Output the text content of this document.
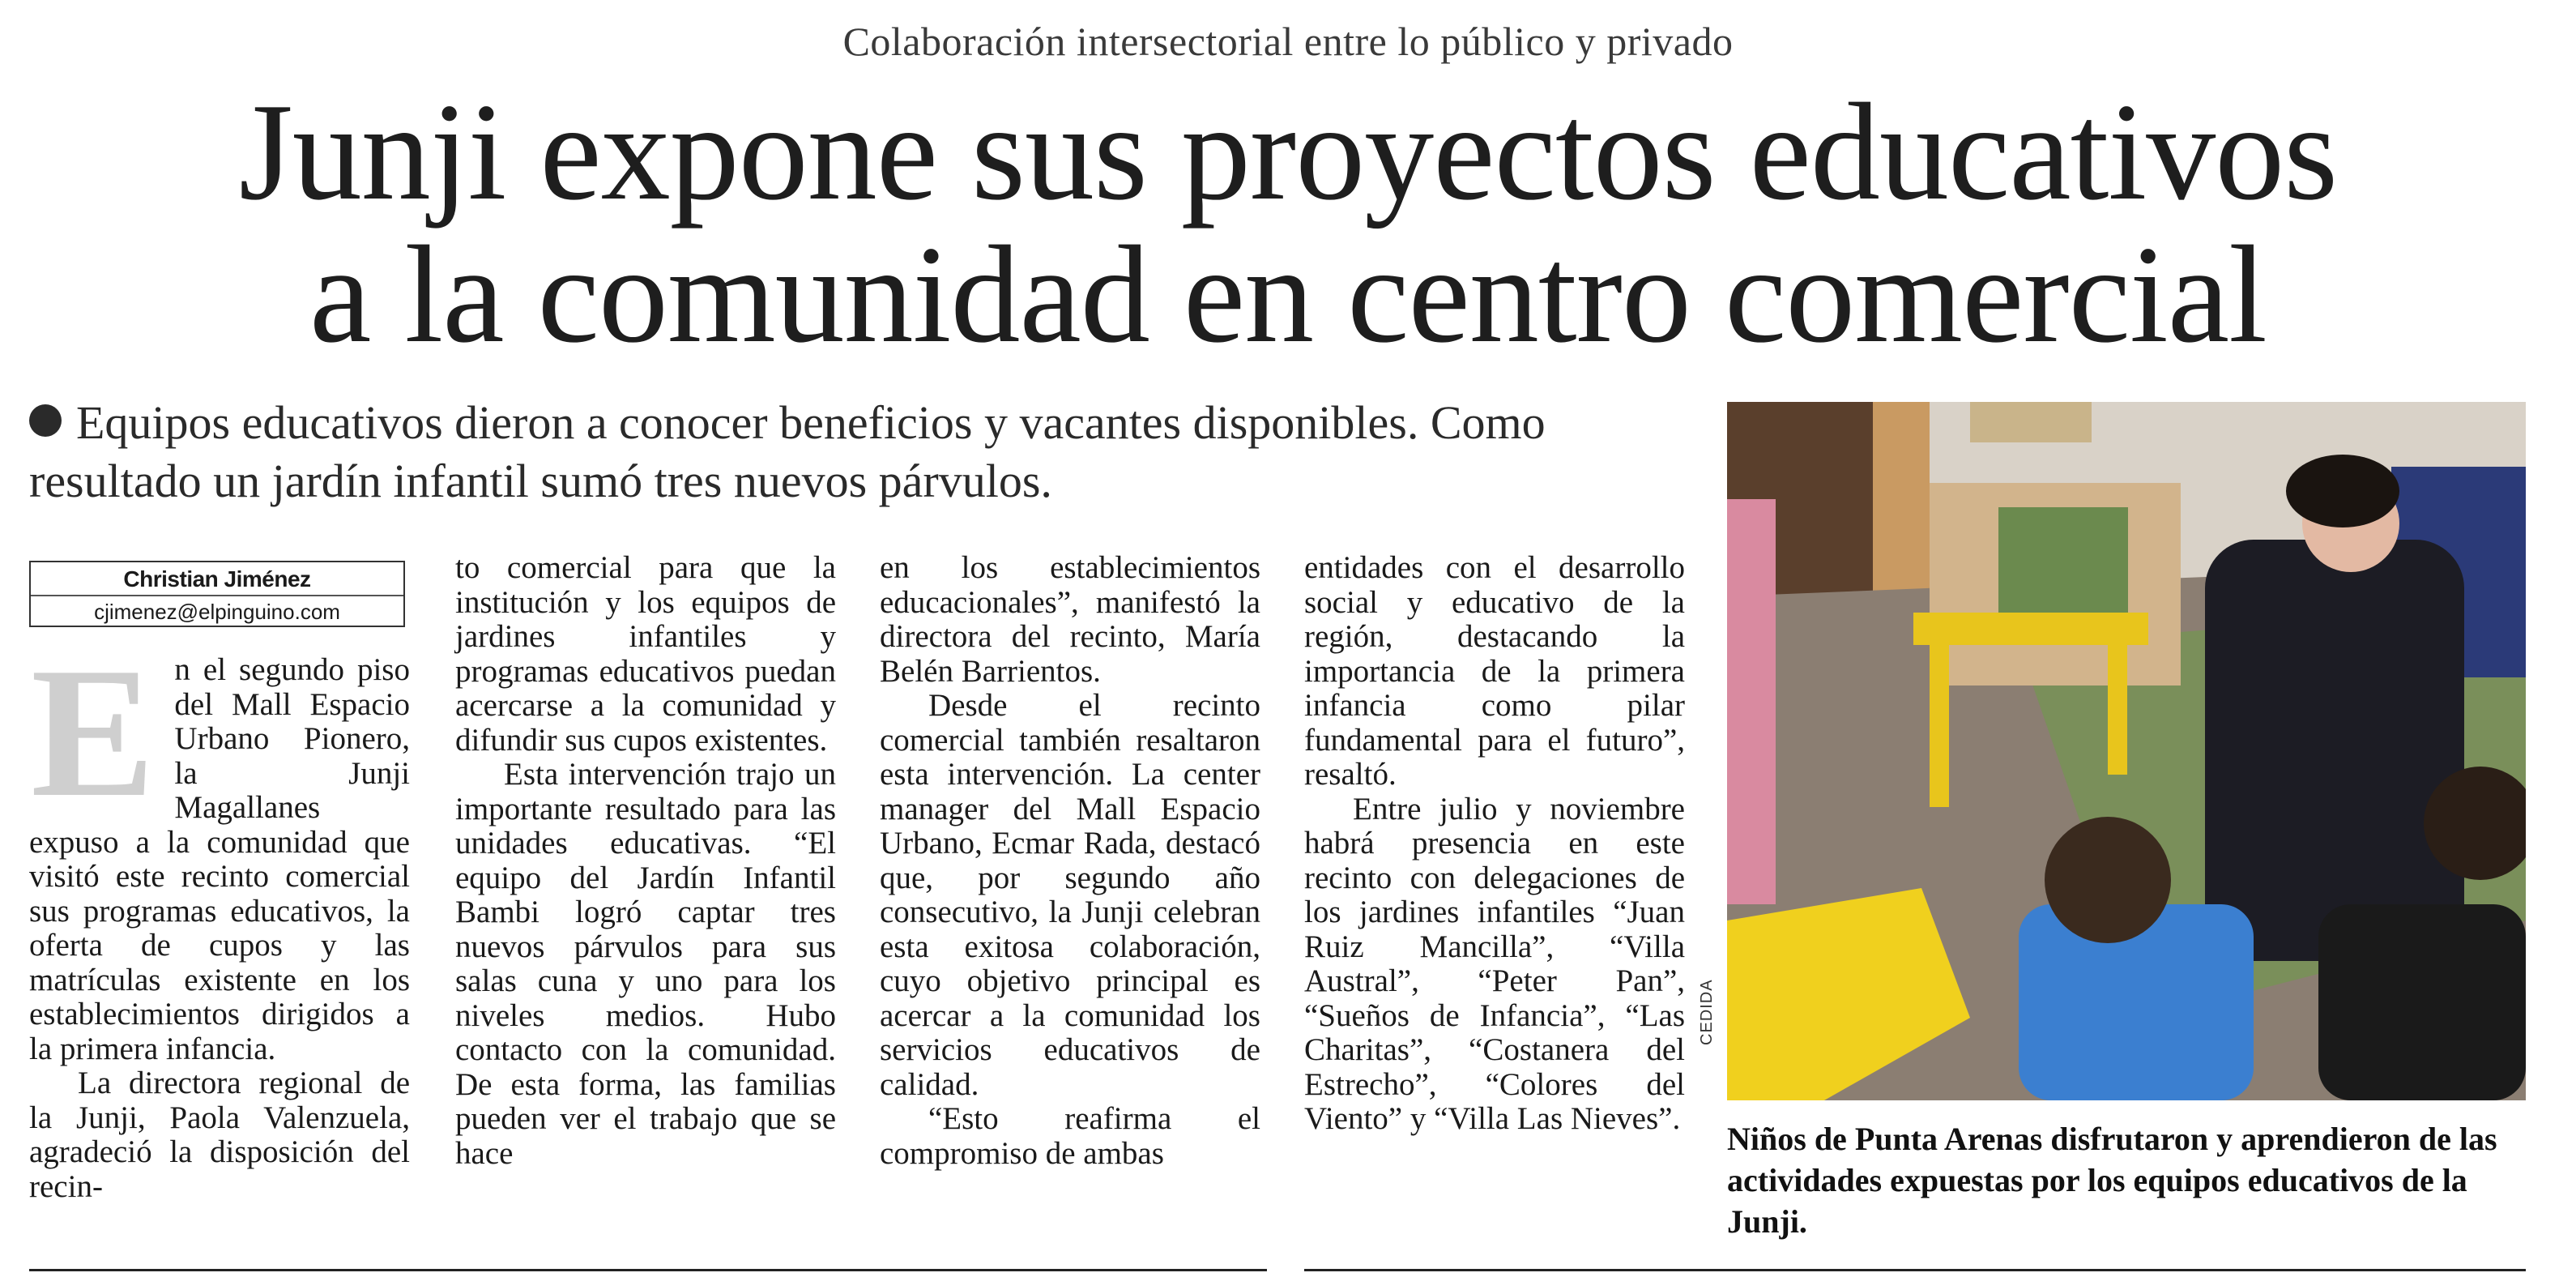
Colaboración intersectorial entre lo público y privado
Junji expone sus proyectos educativos
a la comunidad en centro comercial
Equipos educativos dieron a conocer beneficios y vacantes disponibles. Como resultado un jardín infantil sumó tres nuevos párvulos.
Christian Jiménez
cjimenez@elpinguino.com

En el segundo piso del Mall Espacio Urbano Pionero, la Junji Magallanes expuso a la comunidad que visitó este recinto comercial sus programas educativos, la oferta de cupos y las matrículas existente en los establecimientos dirigidos a la primera infancia.

La directora regional de la Junji, Paola Valenzuela, agradeció la disposición del recin-

to comercial para que la institución y los equipos de jardines infantiles y programas educativos puedan acercarse a la comunidad y difundir sus cupos existentes.

Esta intervención trajo un importante resultado para las unidades educativas. “El equipo del Jardín Infantil Bambi logró captar tres nuevos párvulos para sus salas cuna y uno para los niveles medios. Hubo contacto con la comunidad. De esta forma, las familias pueden ver el trabajo que se hace

en los establecimientos educacionales”, manifestó la directora del recinto, María Belén Barrientos.

Desde el recinto comercial también resaltaron esta intervención. La center manager del Mall Espacio Urbano, Ecmar Rada, destacó que, por segundo año consecutivo, la Junji celebran esta exitosa colaboración, cuyo objetivo principal es acercar a la comunidad los servicios educativos de calidad.

“Esto reafirma el compromiso de ambas

entidades con el desarrollo social y educativo de la región, destacando la importancia de la primera infancia como pilar fundamental para el futuro”, resaltó.

Entre julio y noviembre habrá presencia en este recinto con delegaciones de los jardines infantiles “Juan Ruiz Mancilla”, “Villa Austral”, “Peter Pan”, “Sueños de Infancia”, “Las Charitas”, “Costanera del Estrecho”, “Colores del Viento” y “Villa Las Nieves”.

CEDIDA
Niños de Punta Arenas disfrutaron y aprendieron de las actividades expuestas por los equipos educativos de la Junji.
